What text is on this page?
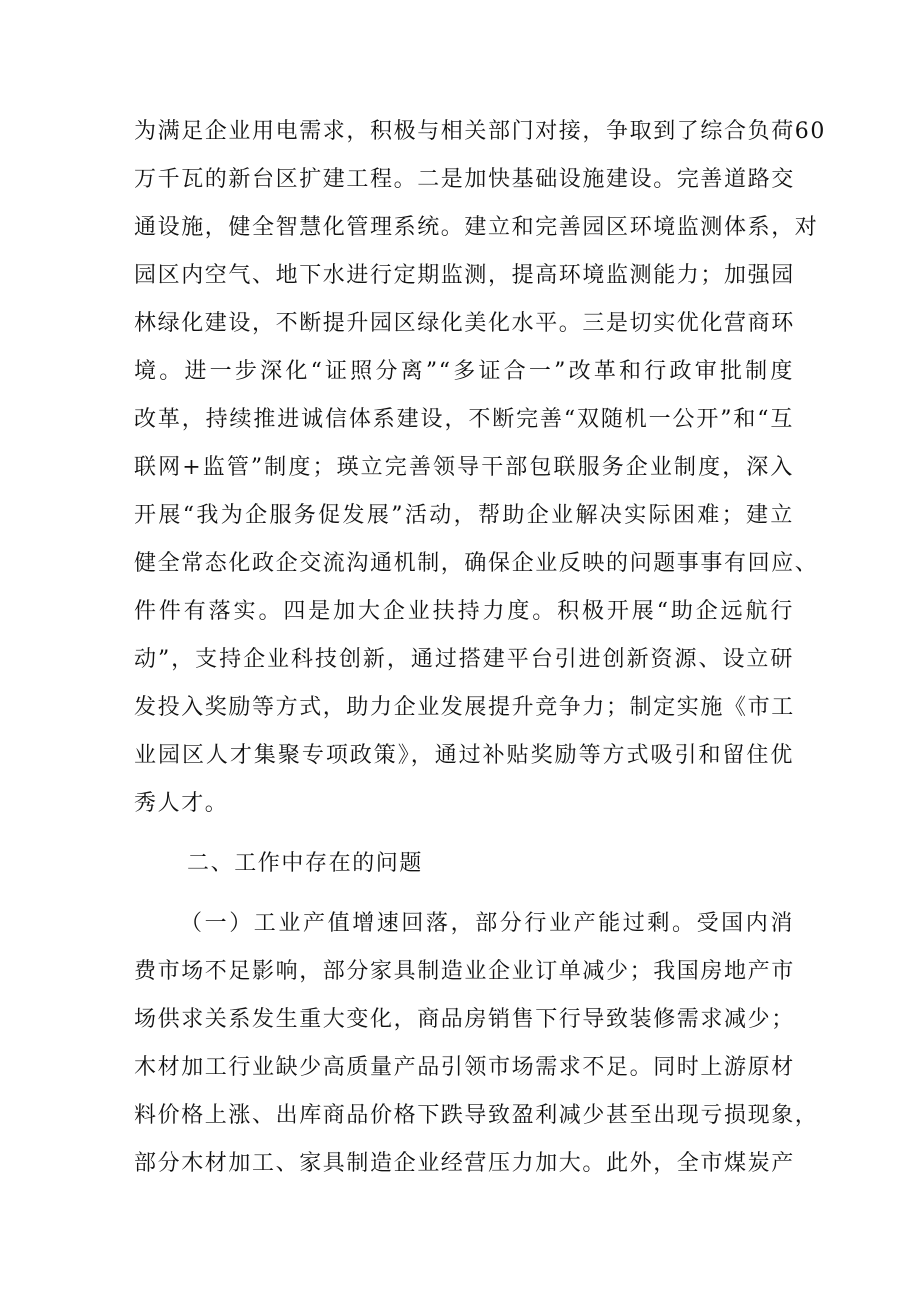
为满足企业用电需求，积极与相关部门对接，争取到了综合负荷60
万千瓦的新台区扩建工程。二是加快基础设施建设。完善道路交
通设施，健全智慧化管理系统。建立和完善园区环境监测体系，对
园区内空气、地下水进行定期监测，提高环境监测能力；加强园
林绿化建设，不断提升园区绿化美化水平。三是切实优化营商环
境。进一步深化“证照分离”“多证合一”改革和行政审批制度
改革，持续推进诚信体系建设，不断完善“双随机一公开”和“互
联网+监管”制度；瑛立完善领导干部包联服务企业制度，深入
开展“我为企服务促发展”活动，帮助企业解决实际困难；建立
健全常态化政企交流沟通机制，确保企业反映的问题事事有回应、
件件有落实。四是加大企业扶持力度。积极开展“助企远航行
动”，支持企业科技创新，通过搭建平台引进创新资源、设立研
发投入奖励等方式，助力企业发展提升竞争力；制定实施《市工
业园区人才集聚专项政策》，通过补贴奖励等方式吸引和留住优
秀人才。
二、工作中存在的问题
（一）工业产值增速回落，部分行业产能过剩。受国内消
费市场不足影响，部分家具制造业企业订单减少；我国房地产市
场供求关系发生重大变化，商品房销售下行导致装修需求减少；
木材加工行业缺少高质量产品引领市场需求不足。同时上游原材
料价格上涨、出库商品价格下跌导致盈利减少甚至出现亏损现象，
部分木材加工、家具制造企业经营压力加大。此外，全市煤炭产
